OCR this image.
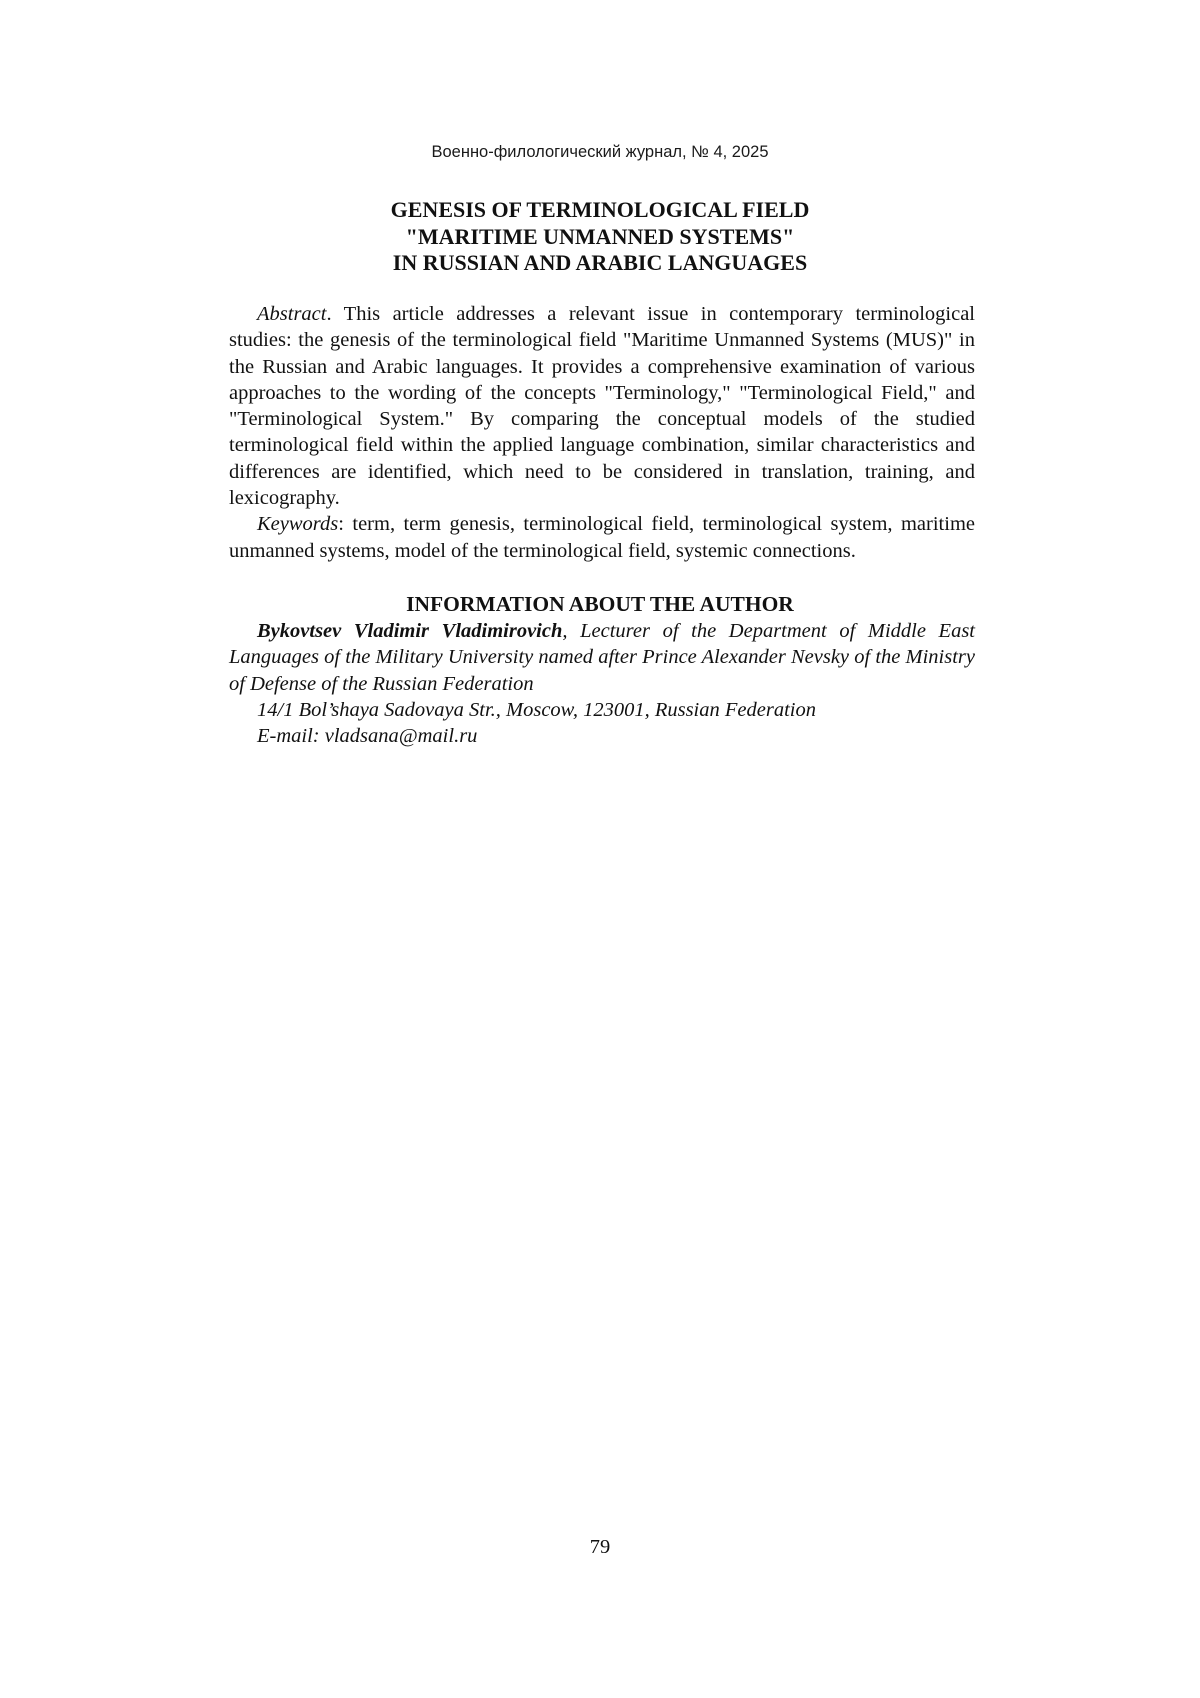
Военно-филологический журнал, № 4, 2025
GENESIS OF TERMINOLOGICAL FIELD
"MARITIME UNMANNED SYSTEMS"
IN RUSSIAN AND ARABIC LANGUAGES

Abstract. This article addresses a relevant issue in contemporary terminological studies: the genesis of the terminological field "Maritime Unmanned Systems (MUS)" in the Russian and Arabic languages. It provides a comprehensive examination of various approaches to the wording of the concepts "Terminology," "Terminological Field," and "Terminological System." By comparing the conceptual models of the studied terminological field within the applied language combination, similar characteristics and differences are identified, which need to be considered in translation, training, and lexicography.

Keywords: term, term genesis, terminological field, terminological system, maritime unmanned systems, model of the terminological field, systemic connections.

INFORMATION ABOUT THE AUTHOR

Bykovtsev Vladimir Vladimirovich, Lecturer of the Department of Middle East Languages of the Military University named after Prince Alexander Nevsky of the Ministry of Defense of the Russian Federation

14/1 Bol’shaya Sadovaya Str., Moscow, 123001, Russian Federation

E-mail: vladsana@mail.ru

79
